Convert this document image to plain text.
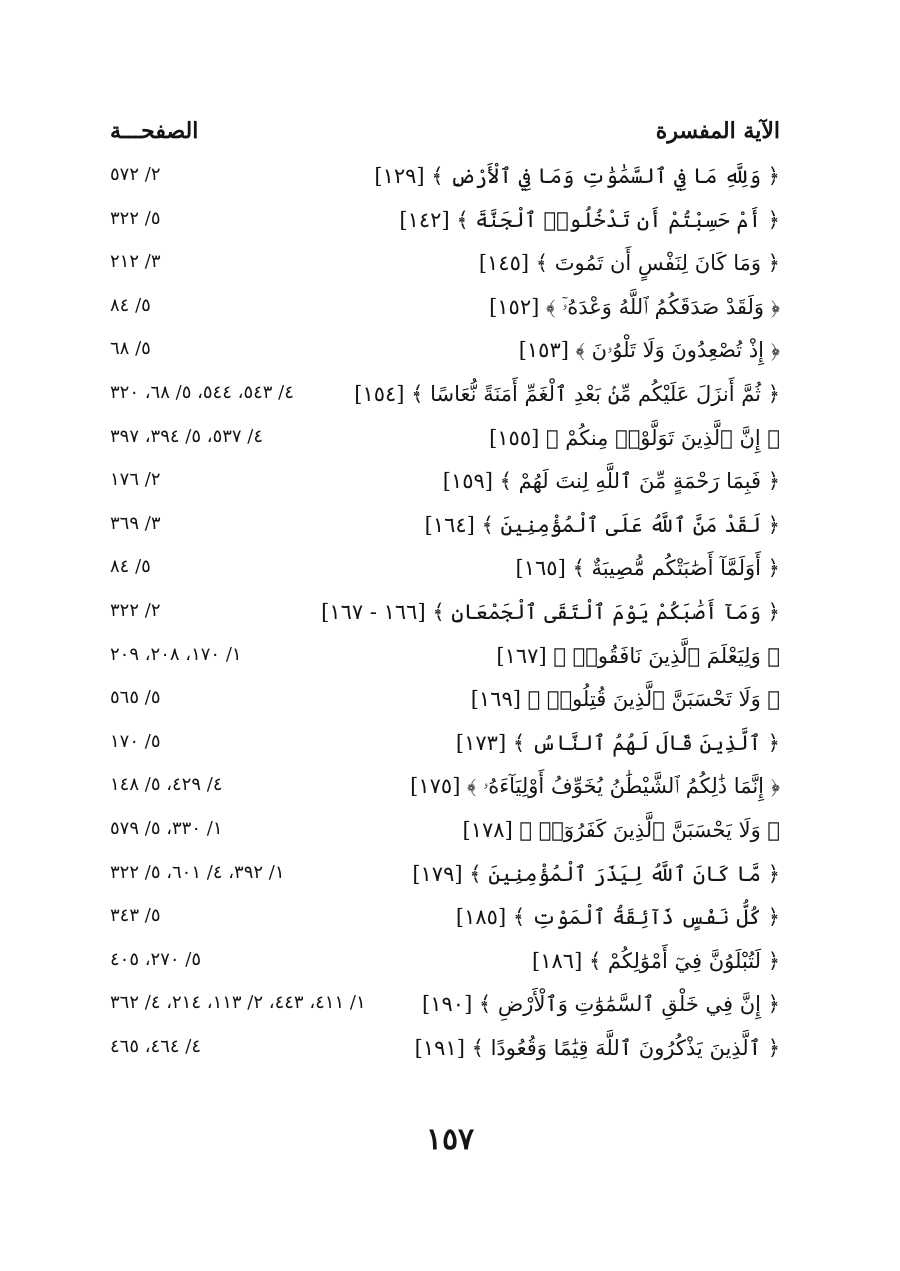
الآية المفسرة
الصفحـــة
﴿ وَلِلَّهِ مَا فِي ٱلسَّمَٰوَٰتِ وَمَا فِي ٱلْأَرْضِ ﴾ [١٢٩]
٢/ ٥٧٢
﴿ أَمْ حَسِبْتُمْ أَن تَدْخُلُوا۟ ٱلْجَنَّةَ ﴾ [١٤٢]
٥/ ٣٢٢
﴿ وَمَا كَانَ لِنَفْسٍ أَن تَمُوتَ ﴾ [١٤٥]
٣/ ٢١٢
﴿ وَلَقَدْ صَدَقَكُمُ ٱللَّهُ وَعْدَهُۥٓ ﴾ [١٥٢]
٥/ ٨٤
﴿ إِذْ تُصْعِدُونَ وَلَا تَلْوُۥنَ ﴾ [١٥٣]
٥/ ٦٨
﴿ ثُمَّ أَنزَلَ عَلَيْكُم مِّنۢ بَعْدِ ٱلْغَمِّ أَمَنَةً نُّعَاسًا ﴾ [١٥٤]
٤/ ٥٤٣، ٥٤٤، ٥/ ٦٨، ٣٢٠
﴿ إِنَّ ٱلَّذِينَ تَوَلَّوْا۟ مِنكُمْ ﴾ [١٥٥]
٤/ ٥٣٧، ٥/ ٣٩٤، ٣٩٧
﴿ فَبِمَا رَحْمَةٍ مِّنَ ٱللَّهِ لِنتَ لَهُمْ ﴾ [١٥٩]
٢/ ١٧٦
﴿ لَقَدْ مَنَّ ٱللَّهُ عَلَى ٱلْمُؤْمِنِينَ ﴾ [١٦٤]
٣/ ٣٦٩
﴿ أَوَلَمَّآ أَصَٰبَتْكُم مُّصِيبَةٌ ﴾ [١٦٥]
٥/ ٨٤
﴿ وَمَآ أَصَٰبَكُمْ يَوْمَ ٱلْتَقَى ٱلْجَمْعَانِ ﴾ [١٦٦ - ١٦٧]
٢/ ٣٢٢
﴿ وَلِيَعْلَمَ ٱلَّذِينَ نَافَقُوا۟ ﴾ [١٦٧]
١/ ١٧٠، ٢٠٨، ٢٠٩
﴿ وَلَا تَحْسَبَنَّ ٱلَّذِينَ قُتِلُوا۟ ﴾ [١٦٩]
٥/ ٥٦٥
﴿ ٱلَّذِينَ قَالَ لَهُمُ ٱلنَّاسُ ﴾ [١٧٣]
٥/ ١٧٠
﴿ إِنَّمَا ذَٰلِكُمُ ٱلشَّيْطَٰنُ يُخَوِّفُ أَوْلِيَآءَهُۥ ﴾ [١٧٥]
٤/ ٤٢٩، ٥/ ١٤٨
﴿ وَلَا يَحْسَبَنَّ ٱلَّذِينَ كَفَرُوٓا۟ ﴾ [١٧٨]
١/ ٣٣٠، ٥/ ٥٧٩
﴿ مَّا كَانَ ٱللَّهُ لِيَذَرَ ٱلْمُؤْمِنِينَ ﴾ [١٧٩]
١/ ٣٩٢، ٤/ ٦٠١، ٥/ ٣٢٢
﴿ كُلُّ نَفْسٍ ذَآئِقَةُ ٱلْمَوْتِ ﴾ [١٨٥]
٥/ ٣٤٣
﴿ لَتُبْلَوُنَّ فِيٓ أَمْوَٰلِكُمْ ﴾ [١٨٦]
٥/ ٢٧٠، ٤٠٥
﴿ إِنَّ فِي خَلْقِ ٱلسَّمَٰوَٰتِ وَٱلْأَرْضِ ﴾ [١٩٠]
١/ ٤١١، ٤٤٣، ٢/ ١١٣، ٢١٤، ٤/ ٣٦٢
﴿ ٱلَّذِينَ يَذْكُرُونَ ٱللَّهَ قِيَٰمًا وَقُعُودًا ﴾ [١٩١]
٤/ ٤٦٤، ٤٦٥
١٥٧
